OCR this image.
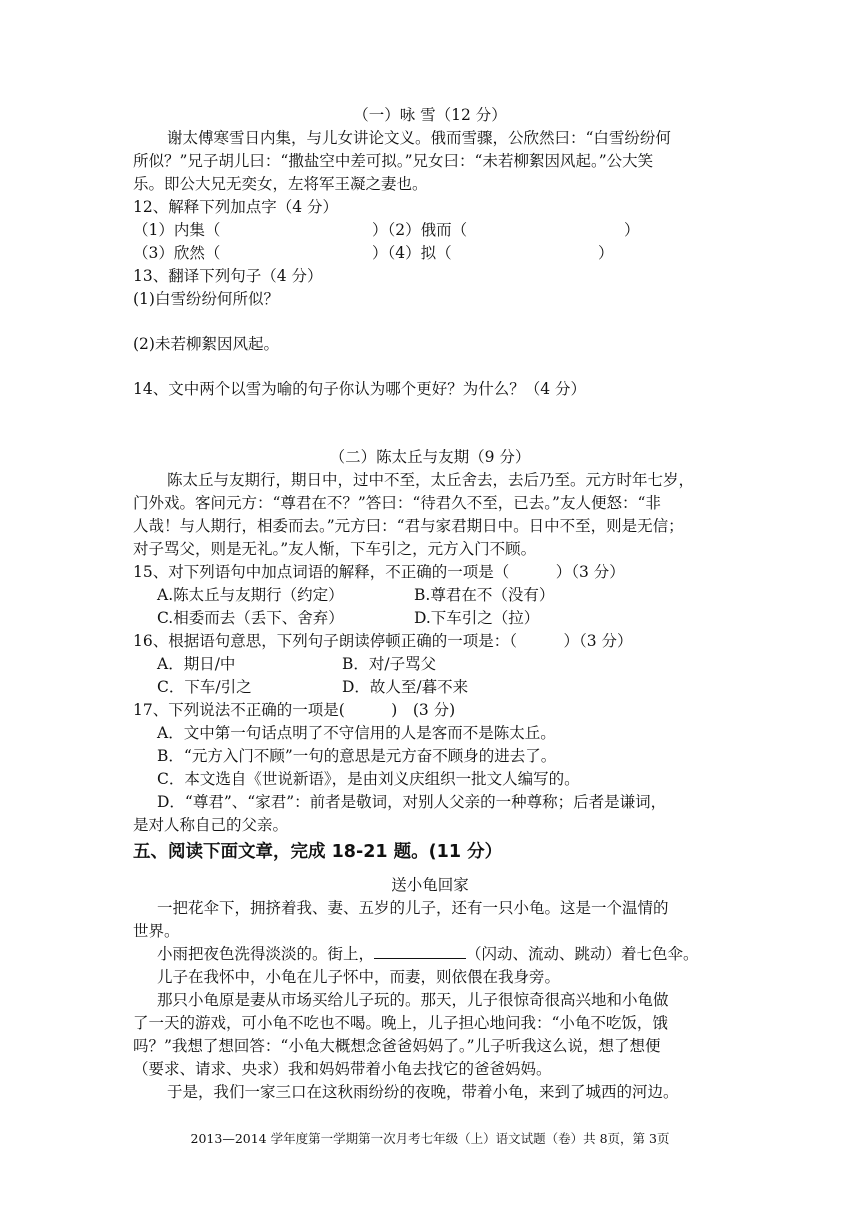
（一）咏 雪（12 分）
谢太傅寒雪日内集，与儿女讲论文义。俄而雪骤，公欣然曰：“白雪纷纷何
所似？”兄子胡儿曰：“撒盐空中差可拟。”兄女曰：“未若柳絮因风起。”公大笑
乐。即公大兄无奕女，左将军王凝之妻也。
12、解释下列加点字（4 分）
（1）内集（	）（2）俄而（	）
（3）欣然（	）（4）拟（	）
13、翻译下列句子（4 分）
(1)白雪纷纷何所似？
(2)未若柳絮因风起。
14、文中两个以雪为喻的句子你认为哪个更好？为什么？（4 分）
（二）陈太丘与友期（9 分）
陈太丘与友期行，期日中，过中不至，太丘舍去，去后乃至。元方时年七岁，
门外戏。客问元方：“尊君在不？”答曰：“待君久不至，已去。”友人便怒：“非
人哉！与人期行，相委而去。”元方曰：“君与家君期日中。日中不至，则是无信；
对子骂父，则是无礼。”友人惭，下车引之，元方入门不顾。
15、对下列语句中加点词语的解释，不正确的一项是（　　　）（3 分）
A.陈太丘与友期行（约定）	B.尊君在不（没有）
C.相委而去（丢下、舍弃）	D.下车引之（拉）
16、根据语句意思，下列句子朗读停顿正确的一项是：（　　　）（3 分）
A．期日/中	B．对/子骂父
C．下车/引之	D．故人至/暮不来
17、下列说法不正确的一项是(　　　)　(3 分)
A．文中第一句话点明了不守信用的人是客而不是陈太丘。
B．“元方入门不顾”一句的意思是元方奋不顾身的进去了。
C．本文选自《世说新语》，是由刘义庆组织一批文人编写的。
D．“尊君”、“家君”：前者是敬词，对别人父亲的一种尊称；后者是谦词，
是对人称自己的父亲。
五、阅读下面文章，完成 18-21 题。(11 分）
送小龟回家
一把花伞下，拥挤着我、妻、五岁的儿子，还有一只小龟。这是一个温情的
世界。
小雨把夜色洗得淡淡的。街上，	（闪动、流动、跳动）着七色伞。
儿子在我怀中，小龟在儿子怀中，而妻，则依偎在我身旁。
那只小龟原是妻从市场买给儿子玩的。那天，儿子很惊奇很高兴地和小龟做
了一天的游戏，可小龟不吃也不喝。晚上，儿子担心地问我：“小龟不吃饭，饿
吗？”我想了想回答：“小龟大概想念爸爸妈妈了。”儿子听我这么说，想了想便
（要求、请求、央求）我和妈妈带着小龟去找它的爸爸妈妈。
于是，我们一家三口在这秋雨纷纷的夜晚，带着小龟，来到了城西的河边。
2013—2014 学年度第一学期第一次月考七年级（上）语文试题（卷）共 8页，第 3页
